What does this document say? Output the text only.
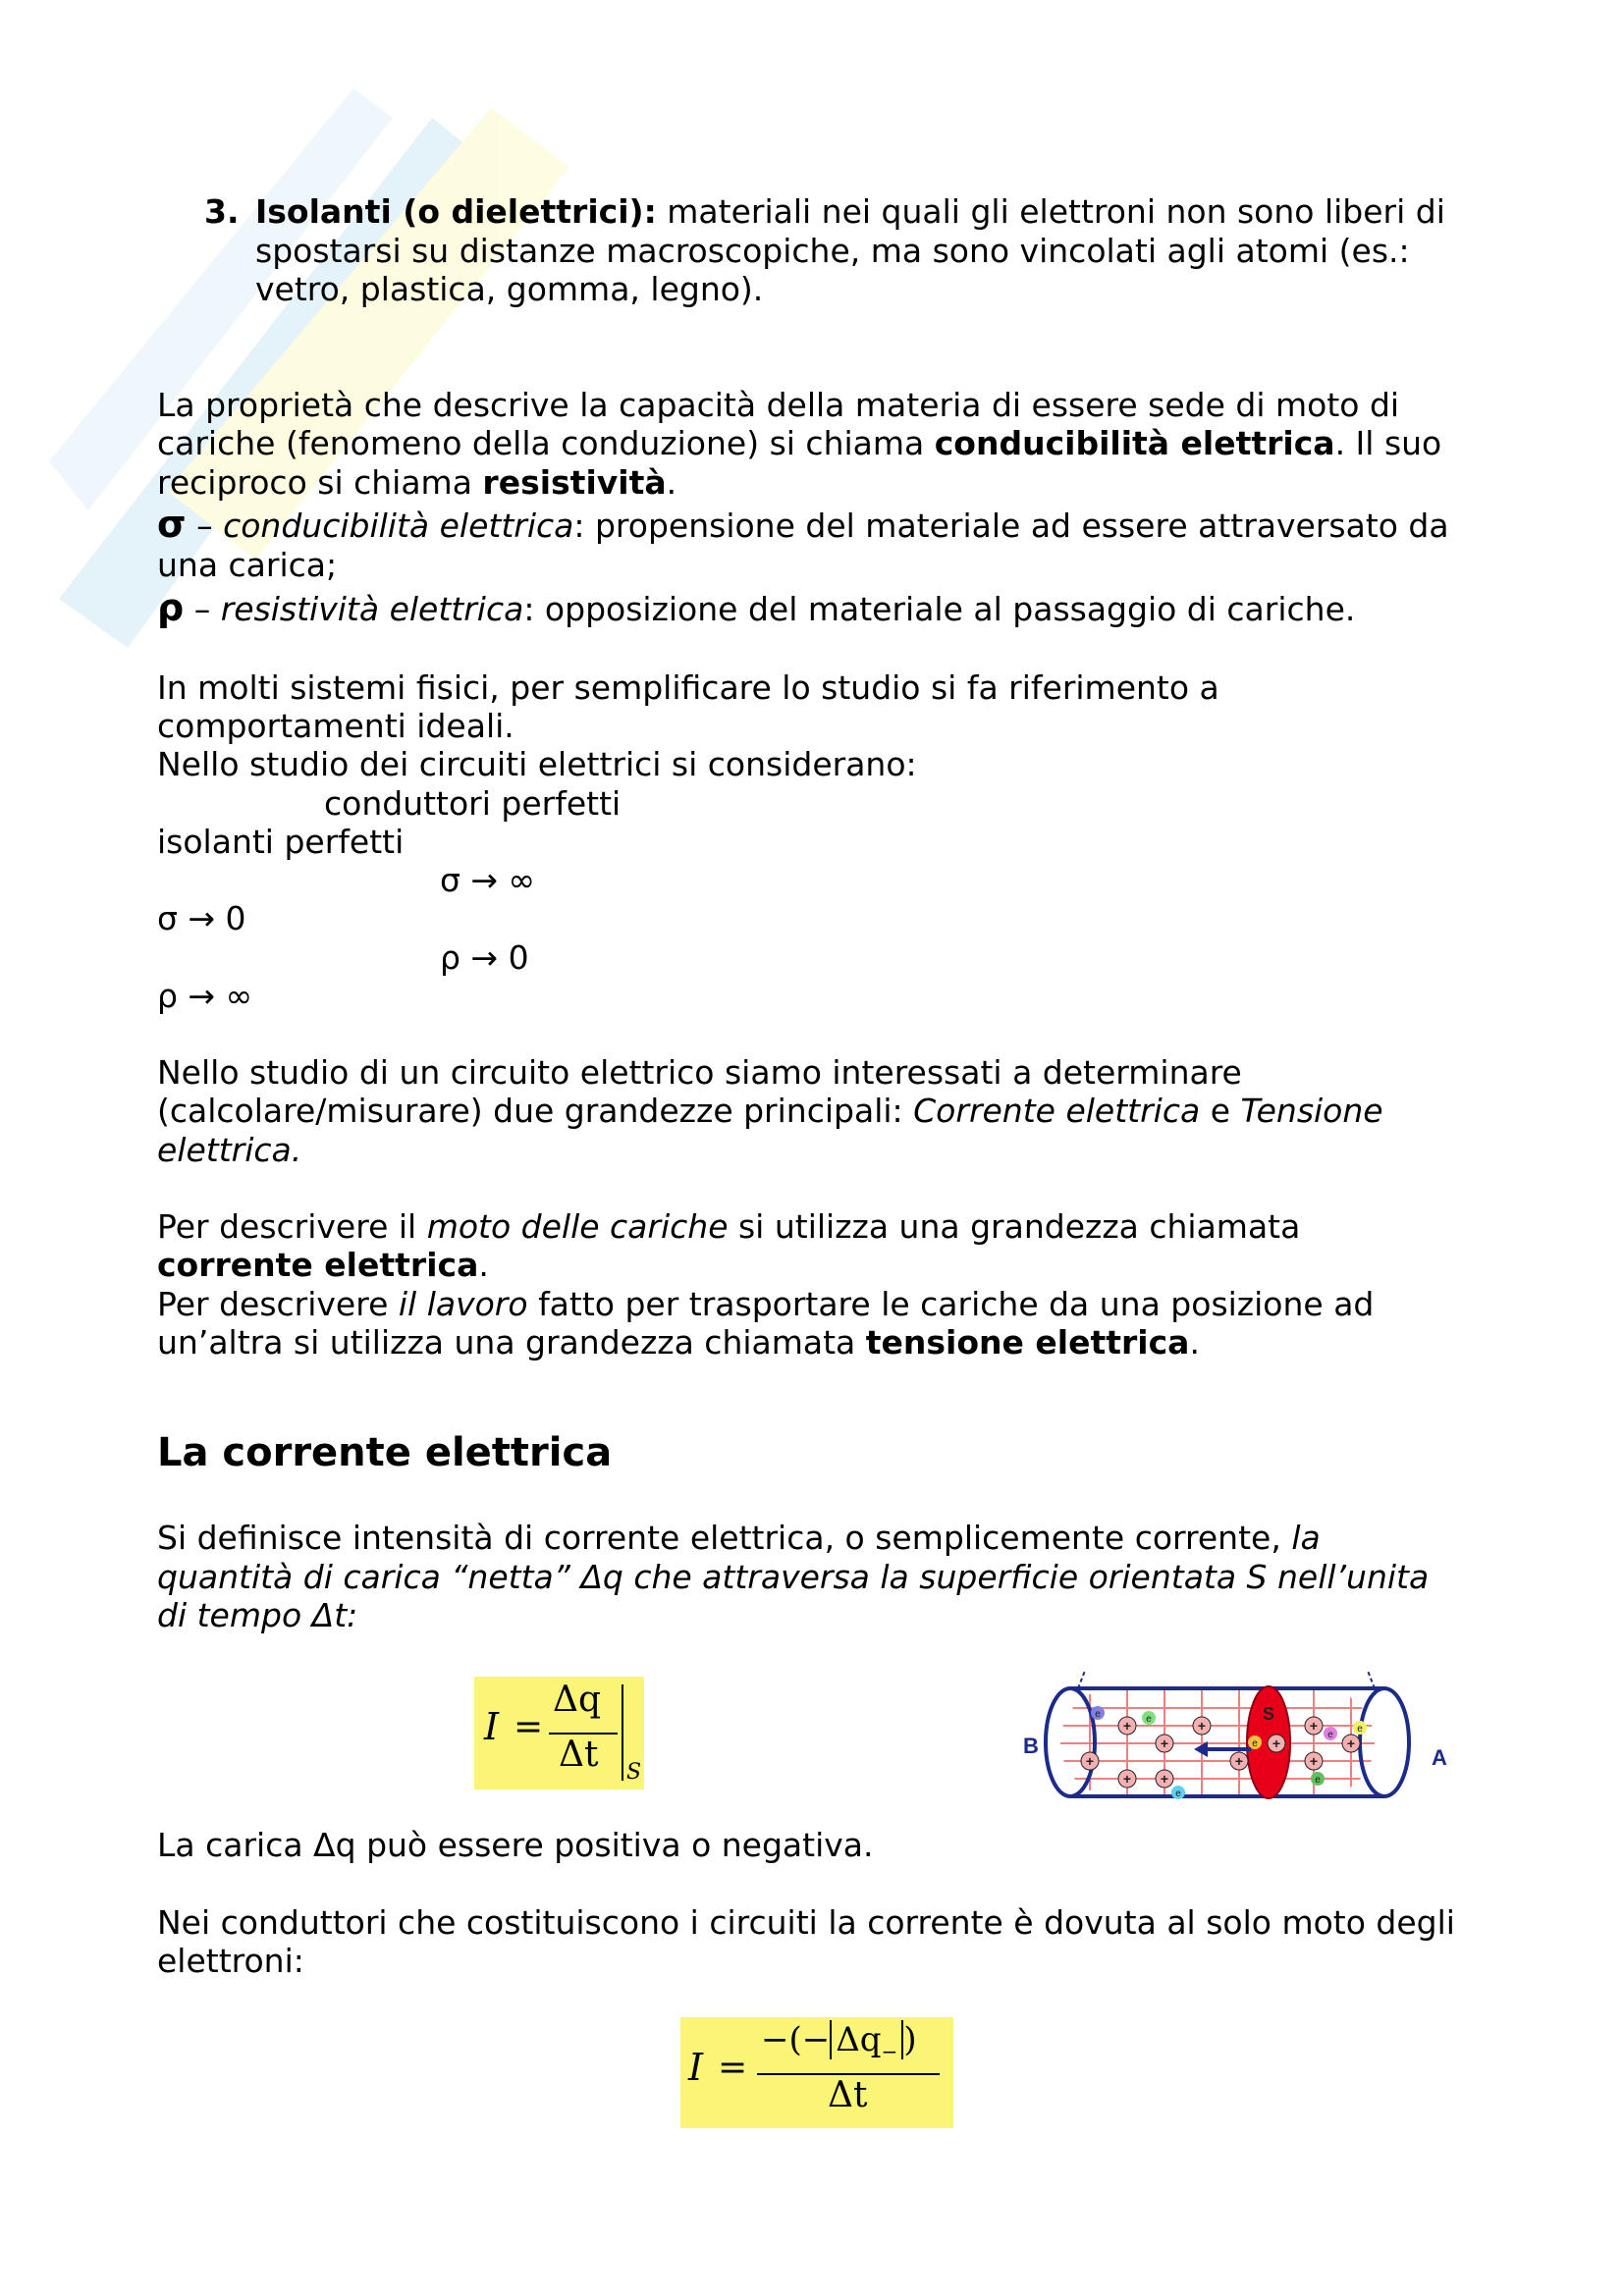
3. Isolanti (o dielettrici): materiali nei quali gli elettroni non sono liberi di

spostarsi su distanze macroscopiche, ma sono vincolati agli atomi (es.:

vetro, plastica, gomma, legno).

La proprietà che descrive la capacità della materia di essere sede di moto di

cariche (fenomeno della conduzione) si chiama conducibilità elettrica. Il suo

reciproco si chiama resistività.

σ – conducibilità elettrica: propensione del materiale ad essere attraversato da

una carica;

ρ – resistività elettrica: opposizione del materiale al passaggio di cariche.

In molti sistemi fisici, per semplificare lo studio si fa riferimento a

comportamenti ideali.

Nello studio dei circuiti elettrici si considerano:

conduttori perfetti

isolanti perfetti

σ → ∞

σ → 0

ρ → 0

ρ → ∞

Nello studio di un circuito elettrico siamo interessati a determinare

(calcolare/misurare) due grandezze principali: Corrente elettrica e Tensione

elettrica.

Per descrivere il moto delle cariche si utilizza una grandezza chiamata

corrente elettrica.

Per descrivere il lavoro fatto per trasportare le cariche da una posizione ad

un’altra si utilizza una grandezza chiamata tensione elettrica.

La corrente elettrica

Si definisce intensità di corrente elettrica, o semplicemente corrente, la

quantità di carica “netta” Δq che attraversa la superficie orientata S nell’unita

di tempo Δt:

I =
Δq
Δt S
S
+
+
+
+
+
+
+
+
+
+
+
e	e
e
e
e
e
e
B	A

La carica Δq può essere positiva o negativa.

Nei conduttori che costituiscono i circuiti la corrente è dovuta al solo moto degli

elettroni:

I =
−(− $\Delta q_-$ )
Δt
